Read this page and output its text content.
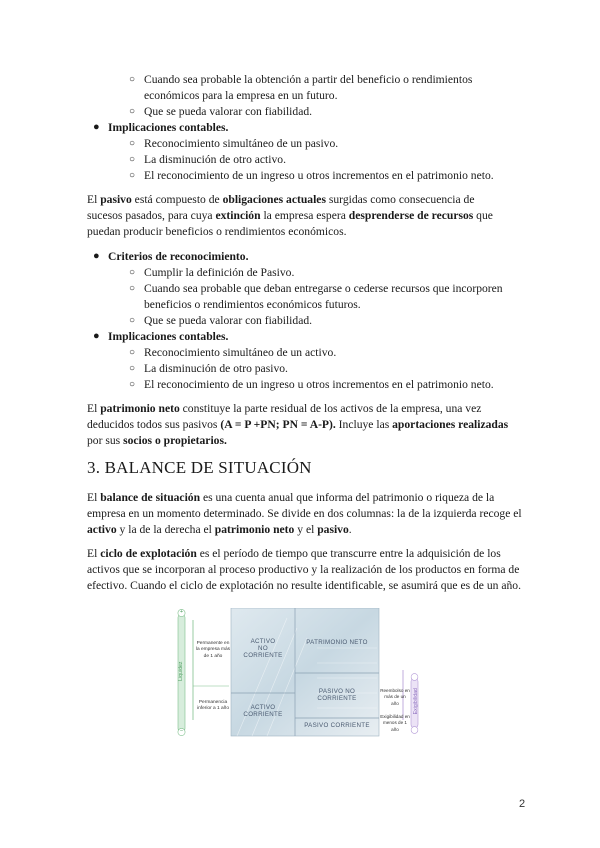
○ Cuando sea probable la obtención a partir del beneficio o rendimientos
económicos para la empresa en un futuro.
○ Que se pueda valorar con fiabilidad.
● Implicaciones contables.
○ Reconocimiento simultáneo de un pasivo.
○ La disminución de otro activo.
○ El reconocimiento de un ingreso u otros incrementos en el patrimonio neto.
El pasivo está compuesto de obligaciones actuales surgidas como consecuencia de
sucesos pasados, para cuya extinción la empresa espera desprenderse de recursos que
puedan producir beneficios o rendimientos económicos.
● Criterios de reconocimiento.
○ Cumplir la definición de Pasivo.
○ Cuando sea probable que deban entregarse o cederse recursos que incorporen
beneficios o rendimientos económicos futuros.
○ Que se pueda valorar con fiabilidad.
● Implicaciones contables.
○ Reconocimiento simultáneo de un activo.
○ La disminución de otro pasivo.
○ El reconocimiento de un ingreso u otros incrementos en el patrimonio neto.
El patrimonio neto constituye la parte residual de los activos de la empresa, una vez
deducidos todos sus pasivos (A = P +PN; PN = A-P). Incluye las aportaciones realizadas
por sus socios o propietarios.
3. BALANCE DE SITUACIÓN
El balance de situación es una cuenta anual que informa del patrimonio o riqueza de la
empresa en un momento determinado. Se divide en dos columnas: la de la izquierda recoge el
activo y la de la derecha el patrimonio neto y el pasivo.
El ciclo de explotación es el período de tiempo que transcurre entre la adquisición de los
activos que se incorporan al proceso productivo y la realización de los productos en forma de
efectivo. Cuando el ciclo de explotación no resulte identificable, se asumirá que es de un año.
+
−
Liquidez
Exigibilidad
Permanente en
la empresa más de 1 año
Permanencia
inferior a 1 año
Reembolso en
más de un año
Exigibilidad en
menos de 1 año
ACTIVO
NO
CORRIENTE
PATRIMONIO NETO
PASIVO NO
CORRIENTE
ACTIVO
CORRIENTE
PASIVO CORRIENTE
2
